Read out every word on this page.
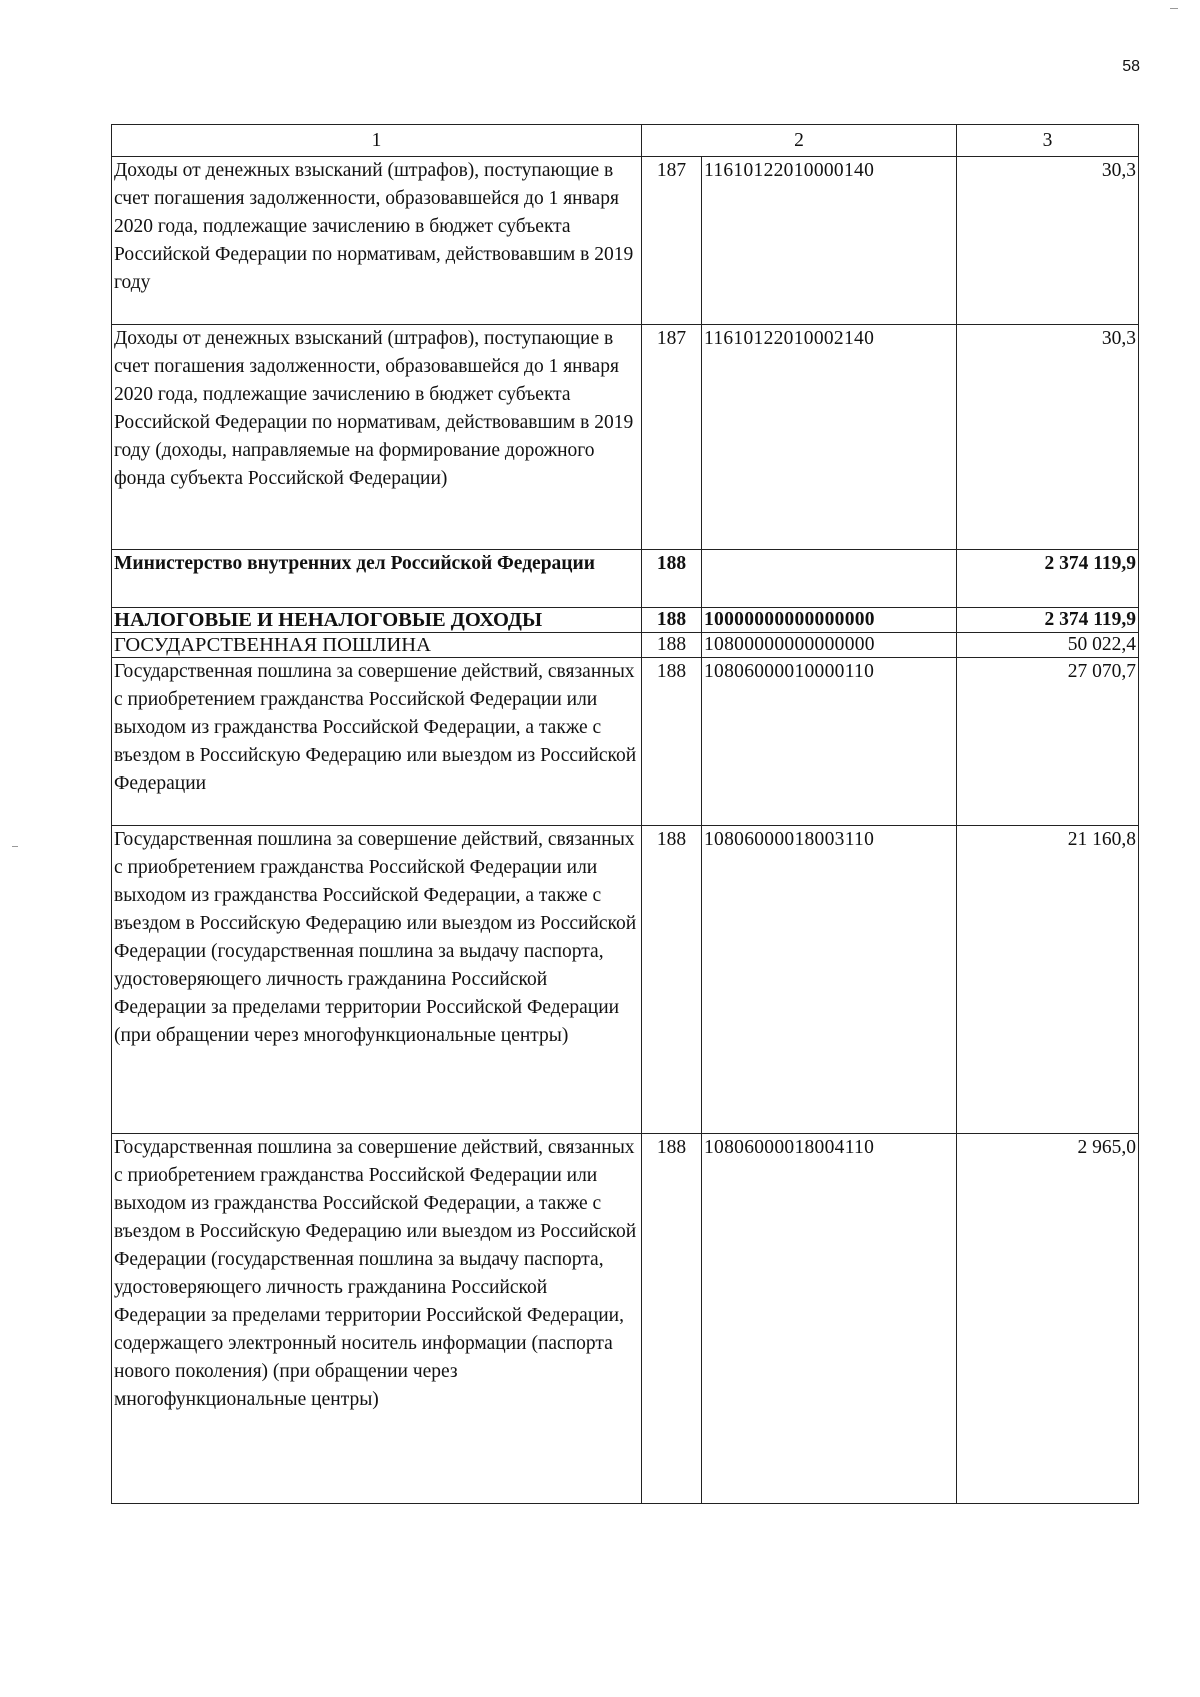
58
1	2		3
Доходы от денежных взысканий (штрафов), поступающие в счет погашения задолженности, образовавшейся до 1 января 2020 года, подлежащие зачислению в бюджет субъекта Российской Федерации по нормативам, действовавшим в 2019 году	187	11610122010000140	30,3
Доходы от денежных взысканий (штрафов), поступающие в счет погашения задолженности, образовавшейся до 1 января 2020 года, подлежащие зачислению в бюджет субъекта Российской Федерации по нормативам, действовавшим в 2019 году (доходы, направляемые на формирование дорожного фонда субъекта Российской Федерации)	187	11610122010002140	30,3
Министерство внутренних дел Российской Федерации	188		2 374 119,9
НАЛОГОВЫЕ И НЕНАЛОГОВЫЕ ДОХОДЫ	188	10000000000000000	2 374 119,9
ГОСУДАРСТВЕННАЯ ПОШЛИНА	188	10800000000000000	50 022,4
Государственная пошлина за совершение действий, связанных с приобретением гражданства Российской Федерации или выходом из гражданства Российской Федерации, а также с въездом в Российскую Федерацию или выездом из Российской Федерации	188	10806000010000110	27 070,7
Государственная пошлина за совершение действий, связанных с приобретением гражданства Российской Федерации или выходом из гражданства Российской Федерации, а также с въездом в Российскую Федерацию или выездом из Российской Федерации (государственная пошлина за выдачу паспорта, удостоверяющего личность гражданина Российской Федерации за пределами территории Российской Федерации (при обращении через многофункциональные центры)	188	10806000018003110	21 160,8
Государственная пошлина за совершение действий, связанных с приобретением гражданства Российской Федерации или выходом из гражданства Российской Федерации, а также с въездом в Российскую Федерацию или выездом из Российской Федерации (государственная пошлина за выдачу паспорта, удостоверяющего личность гражданина Российской Федерации за пределами территории Российской Федерации, содержащего электронный носитель информации (паспорта нового поколения) (при обращении через многофункциональные центры)	188	10806000018004110	2 965,0
